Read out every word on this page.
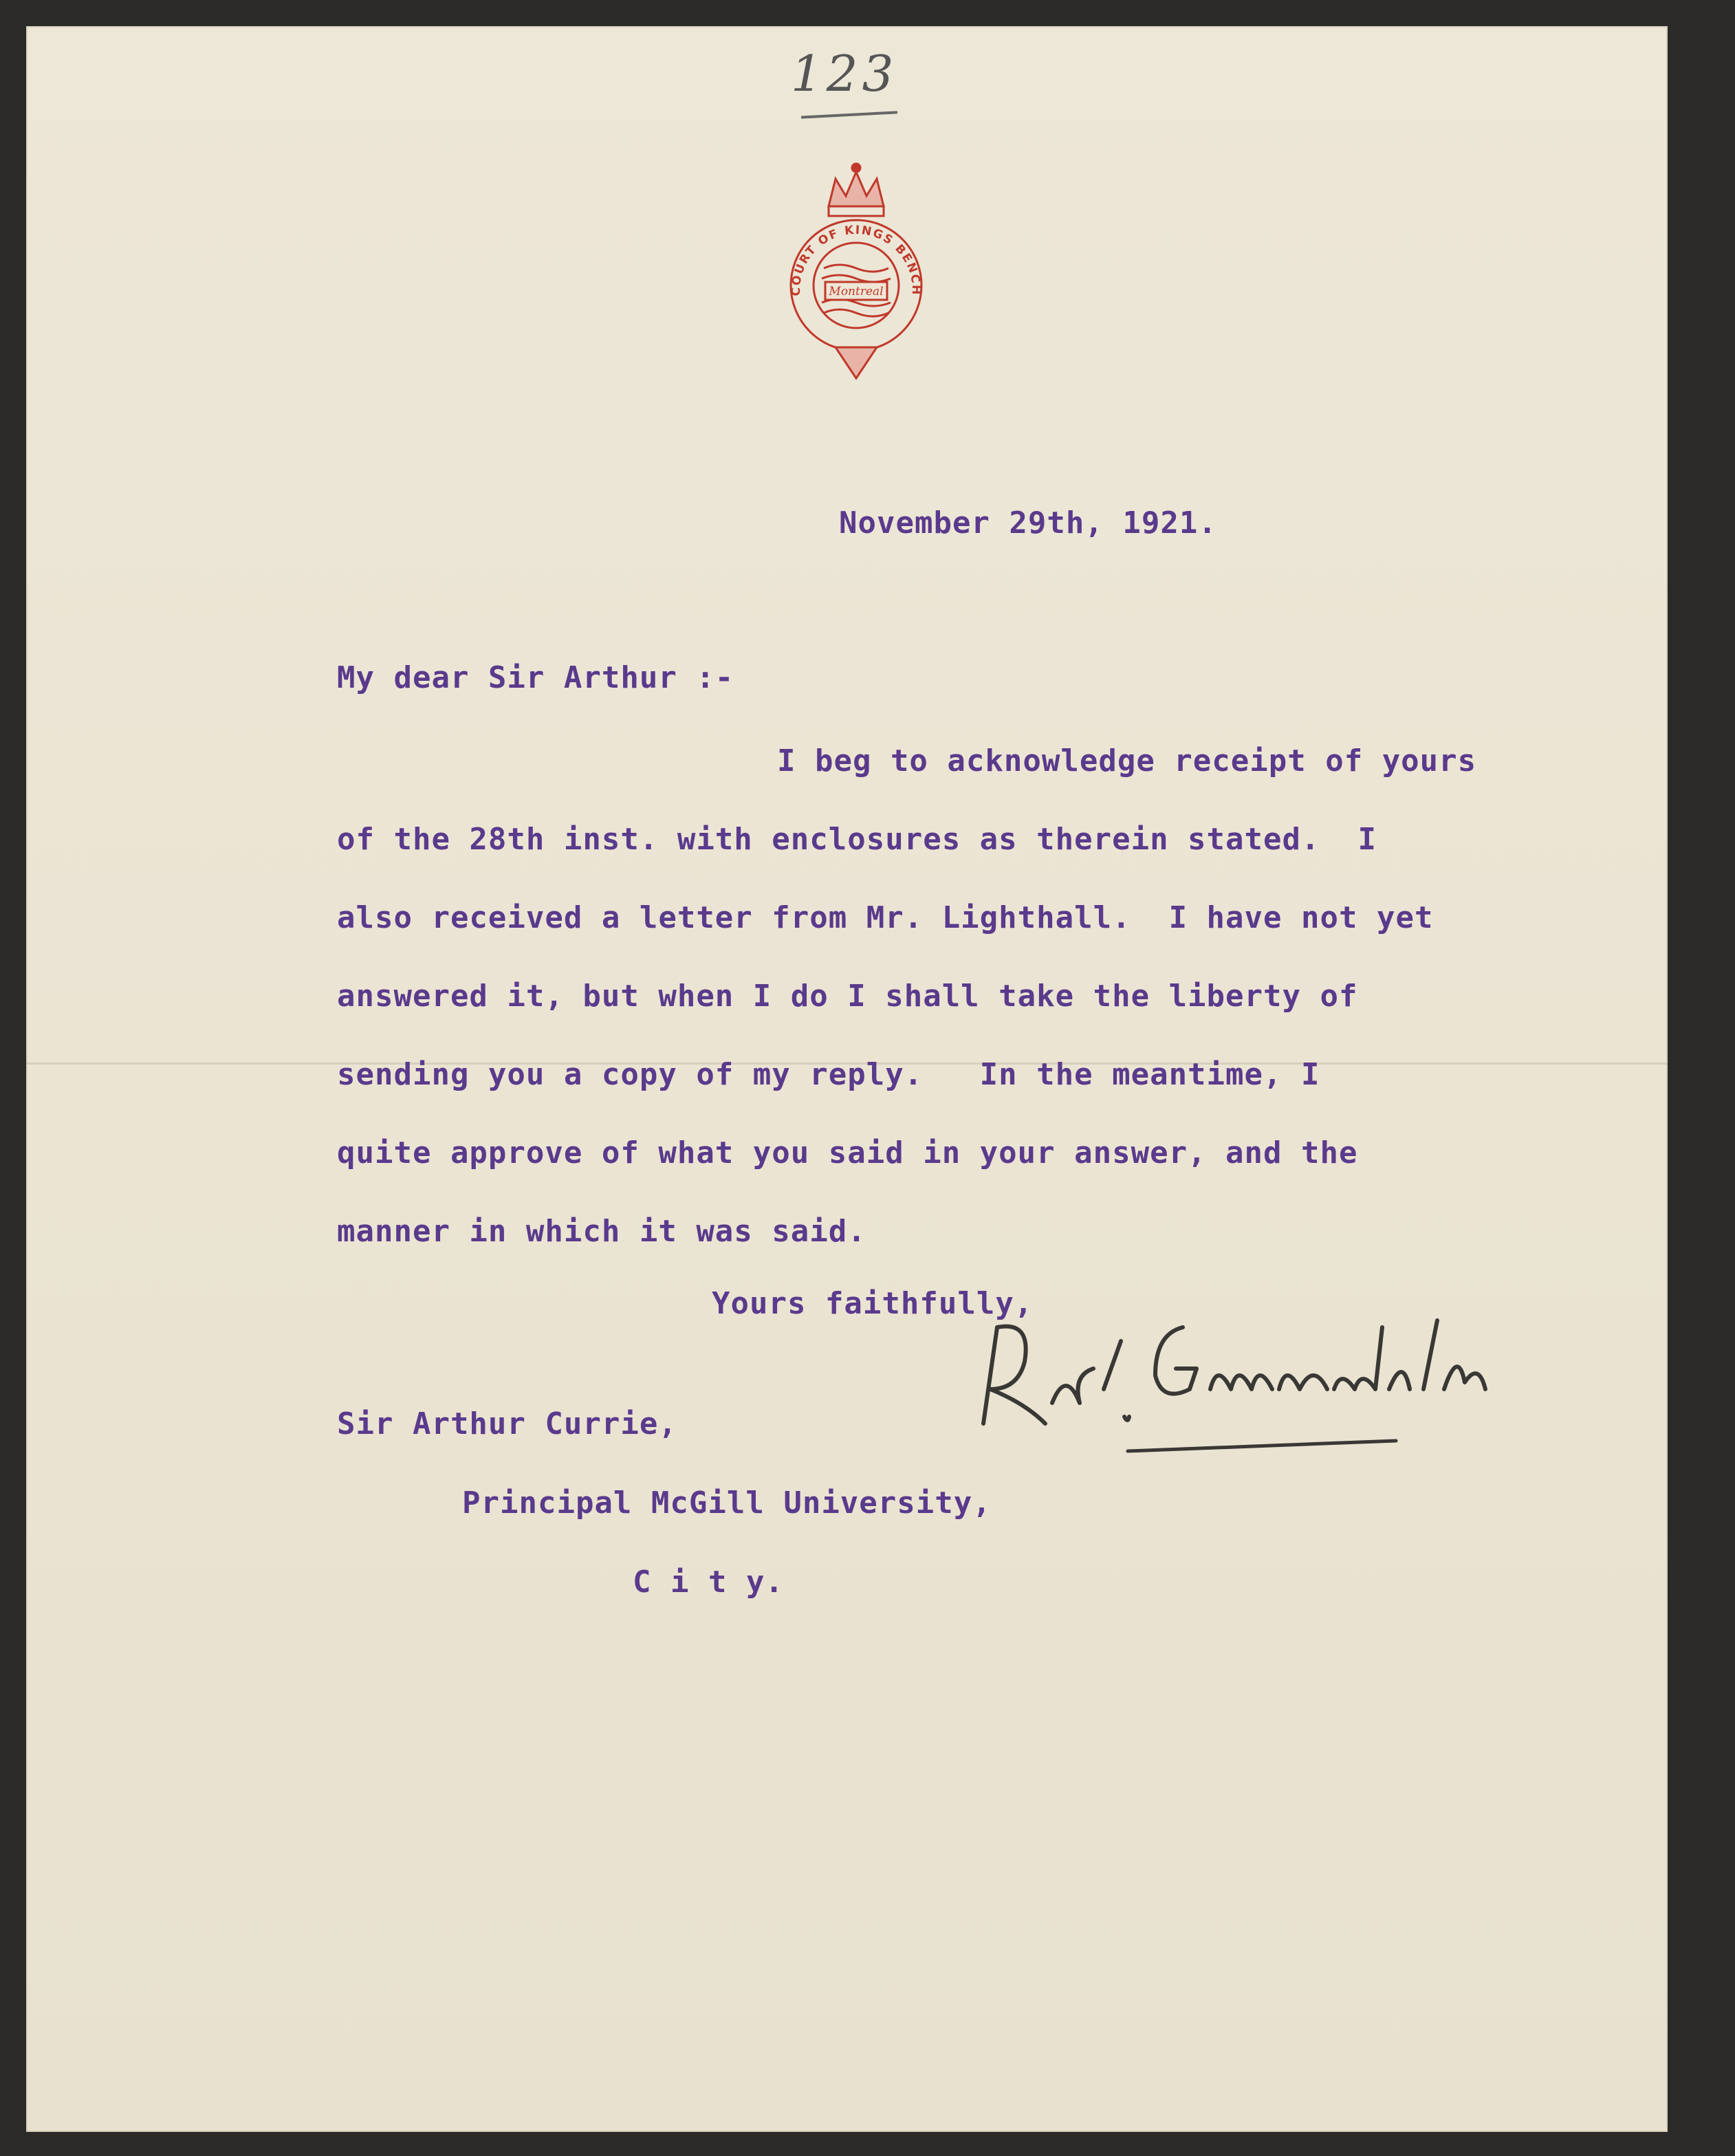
123
Montreal
COURT OF KINGS BENCH
November 29th, 1921.
My dear Sir Arthur :-
I beg to acknowledge receipt of yours
of the 28th inst. with enclosures as therein stated.  I
also received a letter from Mr. Lighthall.  I have not yet
answered it, but when I do I shall take the liberty of
sending you a copy of my reply.   In the meantime, I
quite approve of what you said in your answer, and the
manner in which it was said.
Yours faithfully,
Sir Arthur Currie,
Principal McGill University,
C i t y.
